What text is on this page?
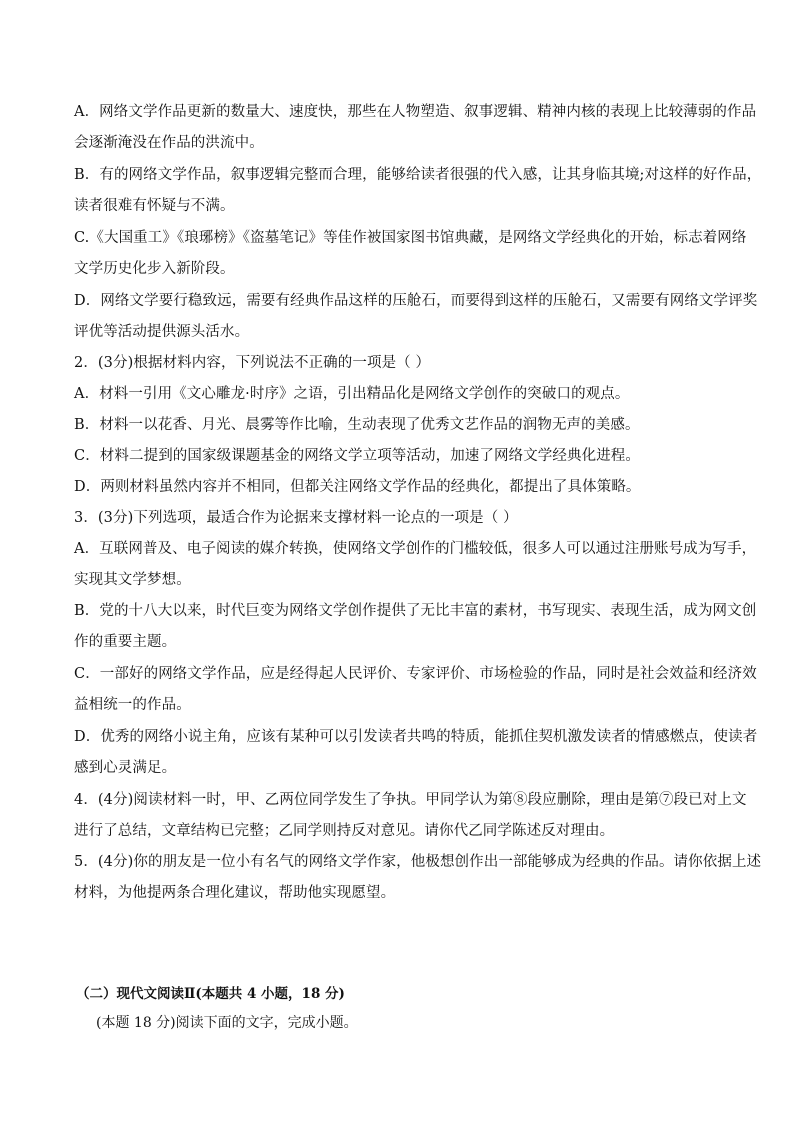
A．网络文学作品更新的数量大、速度快，那些在人物塑造、叙事逻辑、精神内核的表现上比较薄弱的作品
会逐渐淹没在作品的洪流中。
B．有的网络文学作品，叙事逻辑完整而合理，能够给读者很强的代入感，让其身临其境;对这样的好作品，
读者很难有怀疑与不满。
C.《大国重工》《琅琊榜》《盗墓笔记》等佳作被国家图书馆典藏，是网络文学经典化的开始，标志着网络
文学历史化步入新阶段。
D．网络文学要行稳致远，需要有经典作品这样的压舱石，而要得到这样的压舱石，又需要有网络文学评奖
评优等活动提供源头活水。
2．(3分)根据材料内容，下列说法不正确的一项是（ ）
A．材料一引用《文心雕龙·时序》之语，引出精品化是网络文学创作的突破口的观点。
B．材料一以花香、月光、晨雾等作比喻，生动表现了优秀文艺作品的润物无声的美感。
C．材料二提到的国家级课题基金的网络文学立项等活动，加速了网络文学经典化进程。
D．两则材料虽然内容并不相同，但都关注网络文学作品的经典化，都提出了具体策略。
3．(3分)下列选项，最适合作为论据来支撑材料一论点的一项是（ ）
A．互联网普及、电子阅读的媒介转换，使网络文学创作的门槛较低，很多人可以通过注册账号成为写手，
实现其文学梦想。
B．党的十八大以来，时代巨变为网络文学创作提供了无比丰富的素材，书写现实、表现生活，成为网文创
作的重要主题。
C．一部好的网络文学作品，应是经得起人民评价、专家评价、市场检验的作品，同时是社会效益和经济效
益相统一的作品。
D．优秀的网络小说主角，应该有某种可以引发读者共鸣的特质，能抓住契机激发读者的情感燃点，使读者
感到心灵满足。
4．(4分)阅读材料一时，甲、乙两位同学发生了争执。甲同学认为第⑧段应删除，理由是第⑦段已对上文
进行了总结，文章结构已完整；乙同学则持反对意见。请你代乙同学陈述反对理由。
5．(4分)你的朋友是一位小有名气的网络文学作家，他极想创作出一部能够成为经典的作品。请你依据上述
材料，为他提两条合理化建议，帮助他实现愿望。
（二）现代文阅读Ⅱ(本题共 4 小题，18 分)
(本题 18 分)阅读下面的文字，完成小题。
